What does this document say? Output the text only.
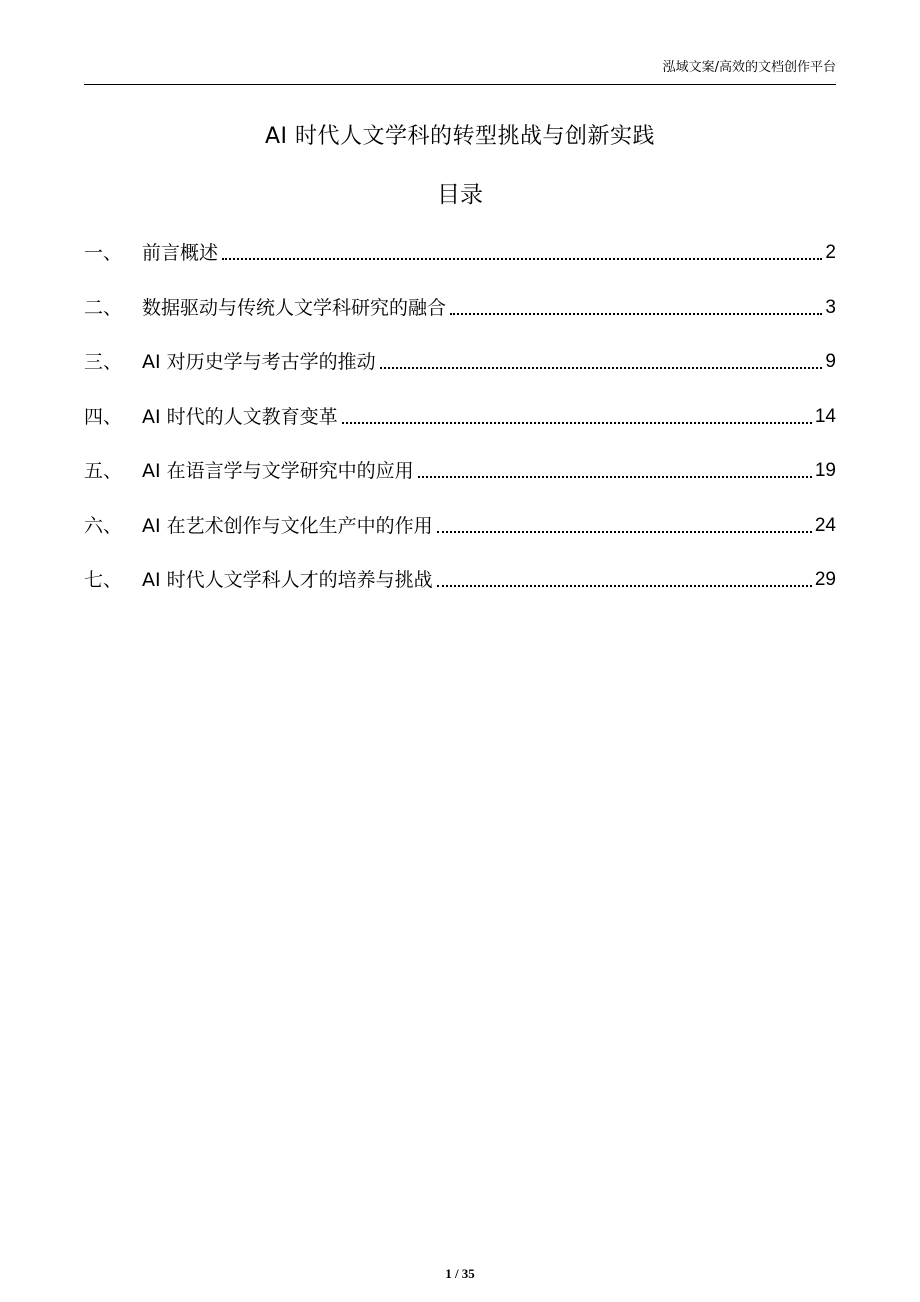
泓域文案/高效的文档创作平台
AI 时代人文学科的转型挑战与创新实践
目录
一、	前言概述	2
二、	数据驱动与传统人文学科研究的融合	3
三、	AI 对历史学与考古学的推动	9
四、	AI 时代的人文教育变革	14
五、	AI 在语言学与文学研究中的应用	19
六、	AI 在艺术创作与文化生产中的作用	24
七、	AI 时代人文学科人才的培养与挑战	29
1 / 35
